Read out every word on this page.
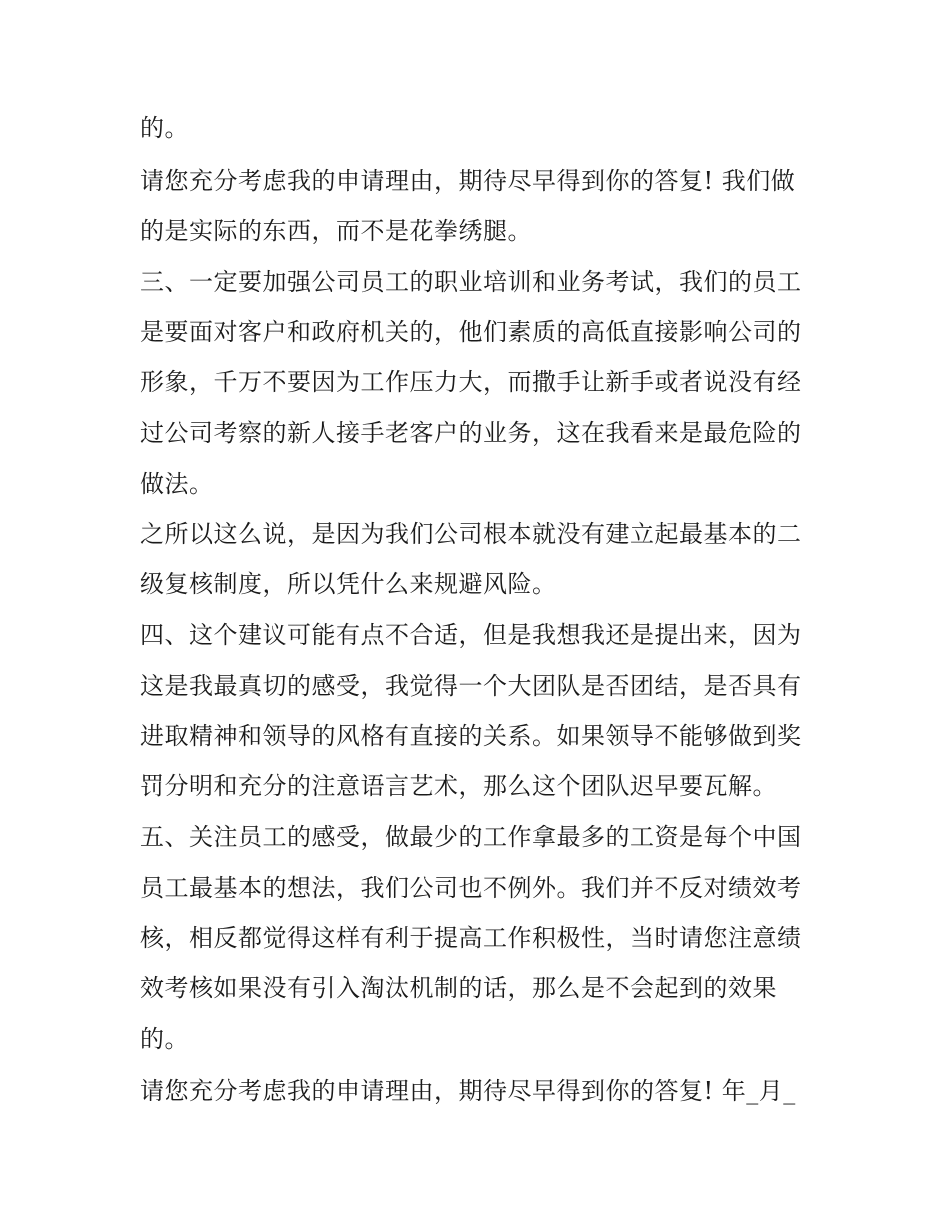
的。
请您充分考虑我的申请理由，期待尽早得到你的答复! 我们做
的是实际的东西，而不是花拳绣腿。
三、一定要加强公司员工的职业培训和业务考试，我们的员工
是要面对客户和政府机关的，他们素质的高低直接影响公司的
形象，千万不要因为工作压力大，而撒手让新手或者说没有经
过公司考察的新人接手老客户的业务，这在我看来是最危险的
做法。
之所以这么说，是因为我们公司根本就没有建立起最基本的二
级复核制度，所以凭什么来规避风险。
四、这个建议可能有点不合适，但是我想我还是提出来，因为
这是我最真切的感受，我觉得一个大团队是否团结，是否具有
进取精神和领导的风格有直接的关系。如果领导不能够做到奖
罚分明和充分的注意语言艺术，那么这个团队迟早要瓦解。
五、关注员工的感受，做最少的工作拿最多的工资是每个中国
员工最基本的想法，我们公司也不例外。我们并不反对绩效考
核，相反都觉得这样有利于提高工作积极性，当时请您注意绩
效考核如果没有引入淘汰机制的话，那么是不会起到的效果
的。
请您充分考虑我的申请理由，期待尽早得到你的答复! 年_月_
